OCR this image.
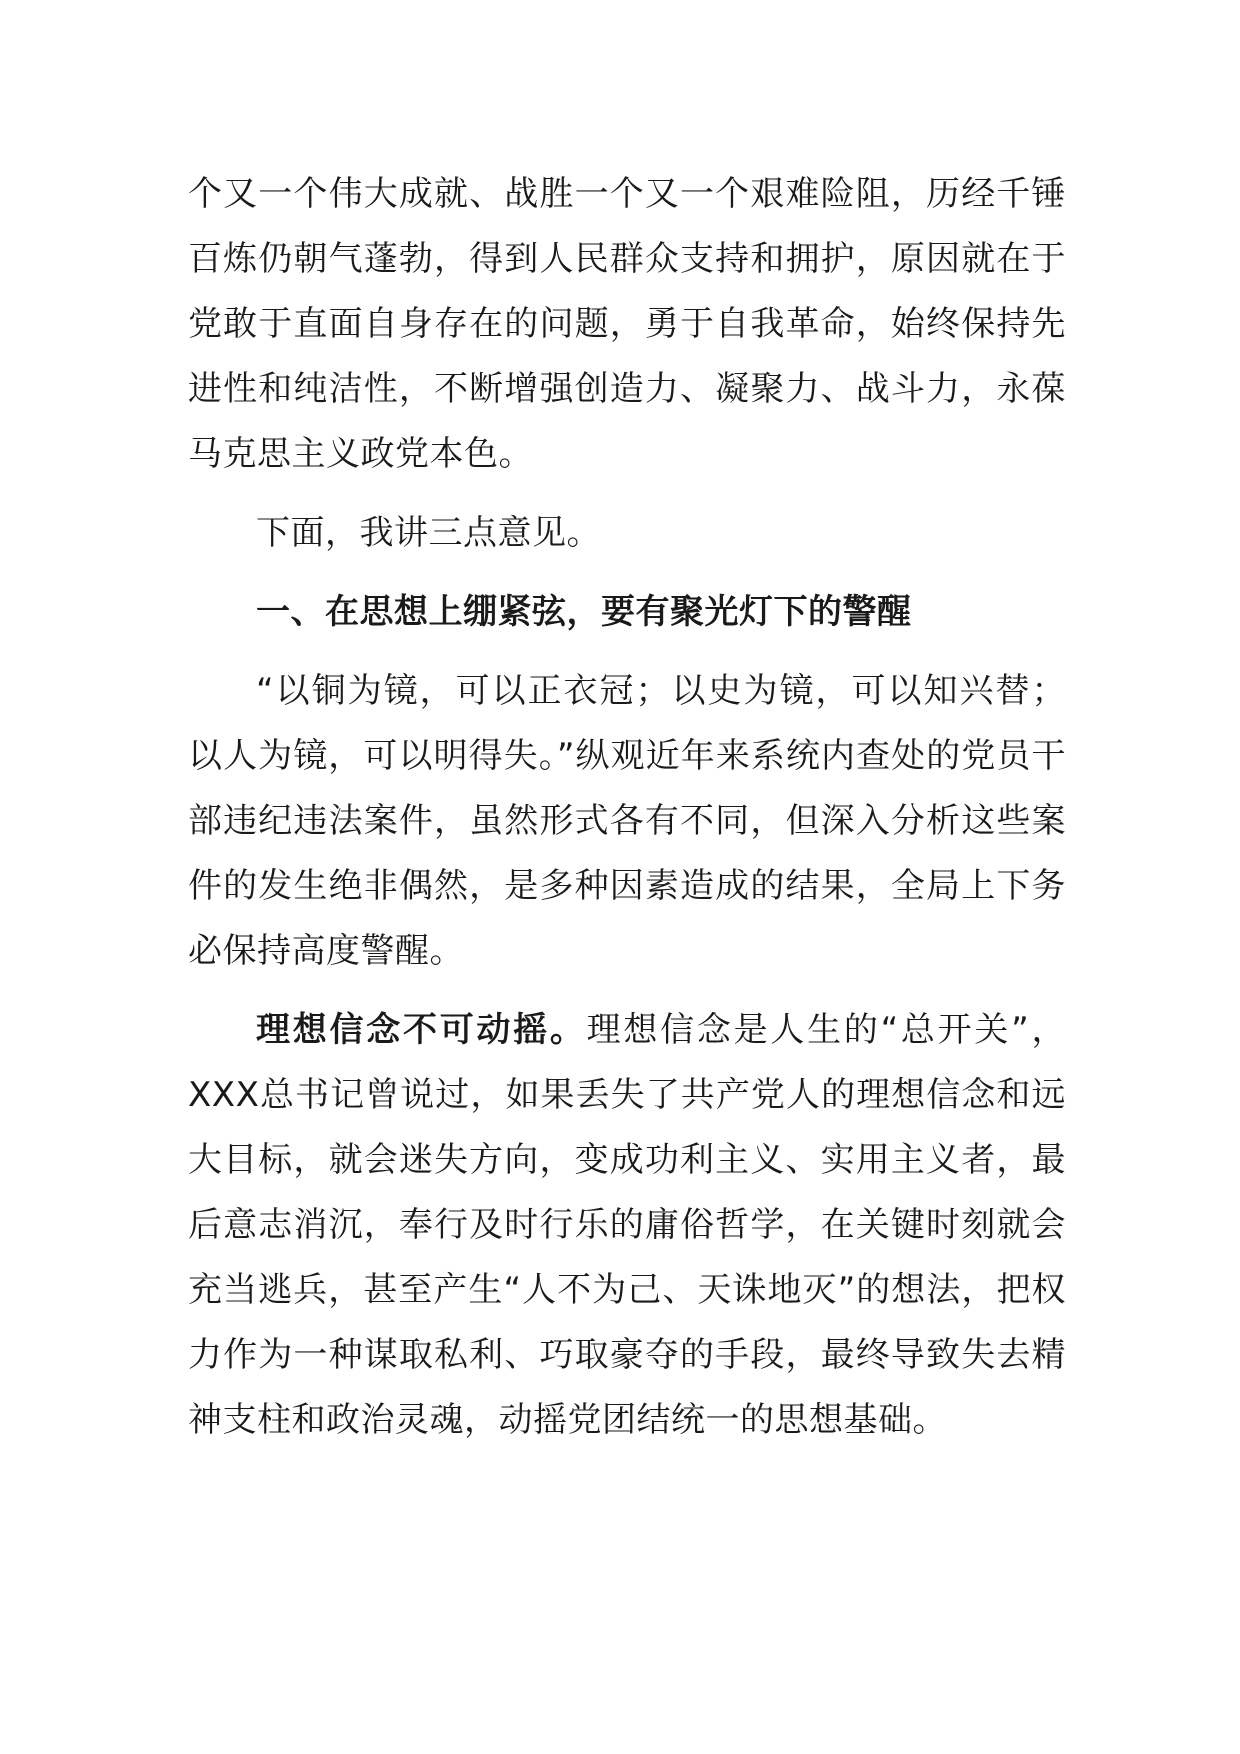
个又一个伟大成就、战胜一个又一个艰难险阻，历经千锤百炼仍朝气蓬勃，得到人民群众支持和拥护，原因就在于党敢于直面自身存在的问题，勇于自我革命，始终保持先进性和纯洁性，不断增强创造力、凝聚力、战斗力，永葆马克思主义政党本色。

下面，我讲三点意见。

一、在思想上绷紧弦，要有聚光灯下的警醒

“以铜为镜，可以正衣冠；以史为镜，可以知兴替；以人为镜，可以明得失。”纵观近年来系统内查处的党员干部违纪违法案件，虽然形式各有不同，但深入分析这些案件的发生绝非偶然，是多种因素造成的结果，全局上下务必保持高度警醒。

理想信念不可动摇。理想信念是人生的“总开关”，XXX总书记曾说过，如果丢失了共产党人的理想信念和远大目标，就会迷失方向，变成功利主义、实用主义者，最后意志消沉，奉行及时行乐的庸俗哲学，在关键时刻就会充当逃兵，甚至产生“人不为己、天诛地灭”的想法，把权力作为一种谋取私利、巧取豪夺的手段，最终导致失去精神支柱和政治灵魂，动摇党团结统一的思想基础。
